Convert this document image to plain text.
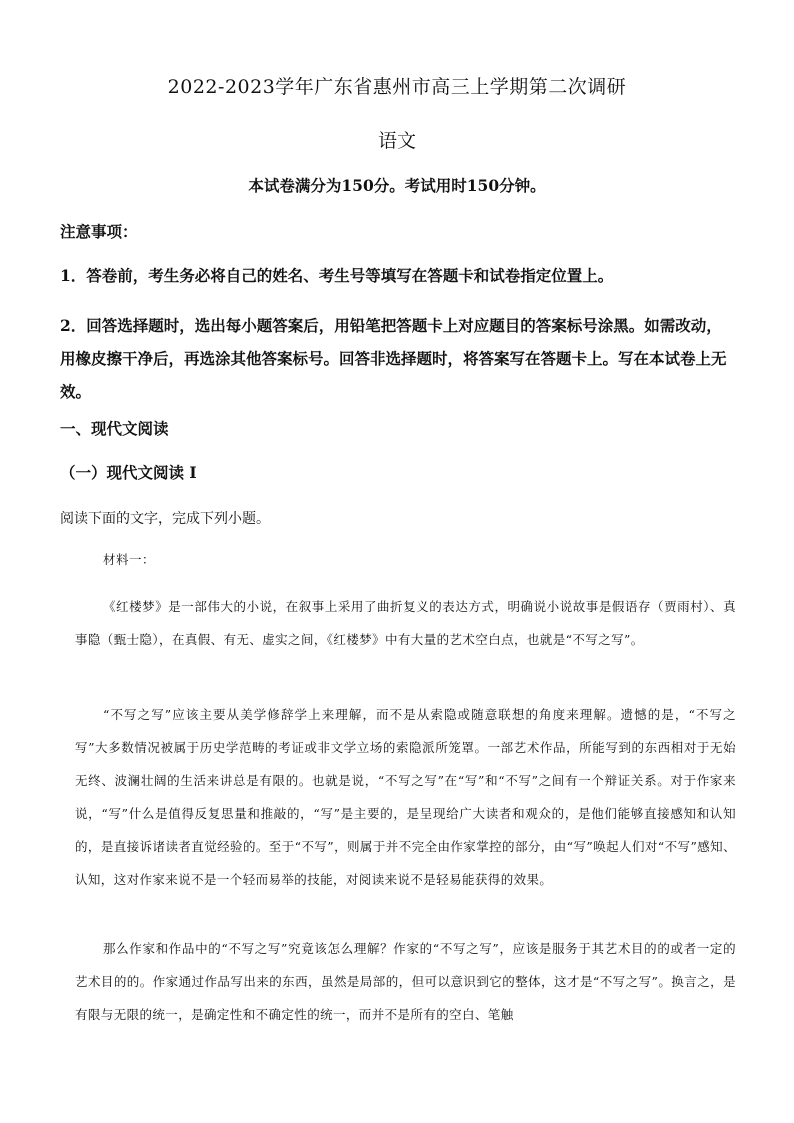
2022-2023学年广东省惠州市高三上学期第二次调研
语文
本试卷满分为150分。考试用时150分钟。
注意事项：
1．答卷前，考生务必将自己的姓名、考生号等填写在答题卡和试卷指定位置上。
2．回答选择题时，选出每小题答案后，用铅笔把答题卡上对应题目的答案标号涂黑。如需改动，用橡皮擦干净后，再选涂其他答案标号。回答非选择题时，将答案写在答题卡上。写在本试卷上无效。
一、现代文阅读
（一）现代文阅读 I
阅读下面的文字，完成下列小题。
材料一：
《红楼梦》是一部伟大的小说，在叙事上采用了曲折复义的表达方式，明确说小说故事是假语存（贾雨村）、真事隐（甄士隐），在真假、有无、虚实之间，《红楼梦》中有大量的艺术空白点，也就是“不写之写”。
“不写之写”应该主要从美学修辞学上来理解，而不是从索隐或随意联想的角度来理解。遗憾的是，“不写之写”大多数情况被属于历史学范畴的考证或非文学立场的索隐派所笼罩。一部艺术作品，所能写到的东西相对于无始无终、波澜壮阔的生活来讲总是有限的。也就是说，“不写之写”在“写”和“不写”之间有一个辩证关系。对于作家来说，“写”什么是值得反复思量和推敲的，“写”是主要的，是呈现给广大读者和观众的，是他们能够直接感知和认知的，是直接诉诸读者直觉经验的。至于“不写”，则属于并不完全由作家掌控的部分，由“写”唤起人们对“不写”感知、认知，这对作家来说不是一个轻而易举的技能，对阅读来说不是轻易能获得的效果。
那么作家和作品中的“不写之写”究竟该怎么理解？作家的“不写之写”，应该是服务于其艺术目的的或者一定的艺术目的的。作家通过作品写出来的东西，虽然是局部的，但可以意识到它的整体，这才是“不写之写”。换言之，是有限与无限的统一，是确定性和不确定性的统一，而并不是所有的空白、笔触
